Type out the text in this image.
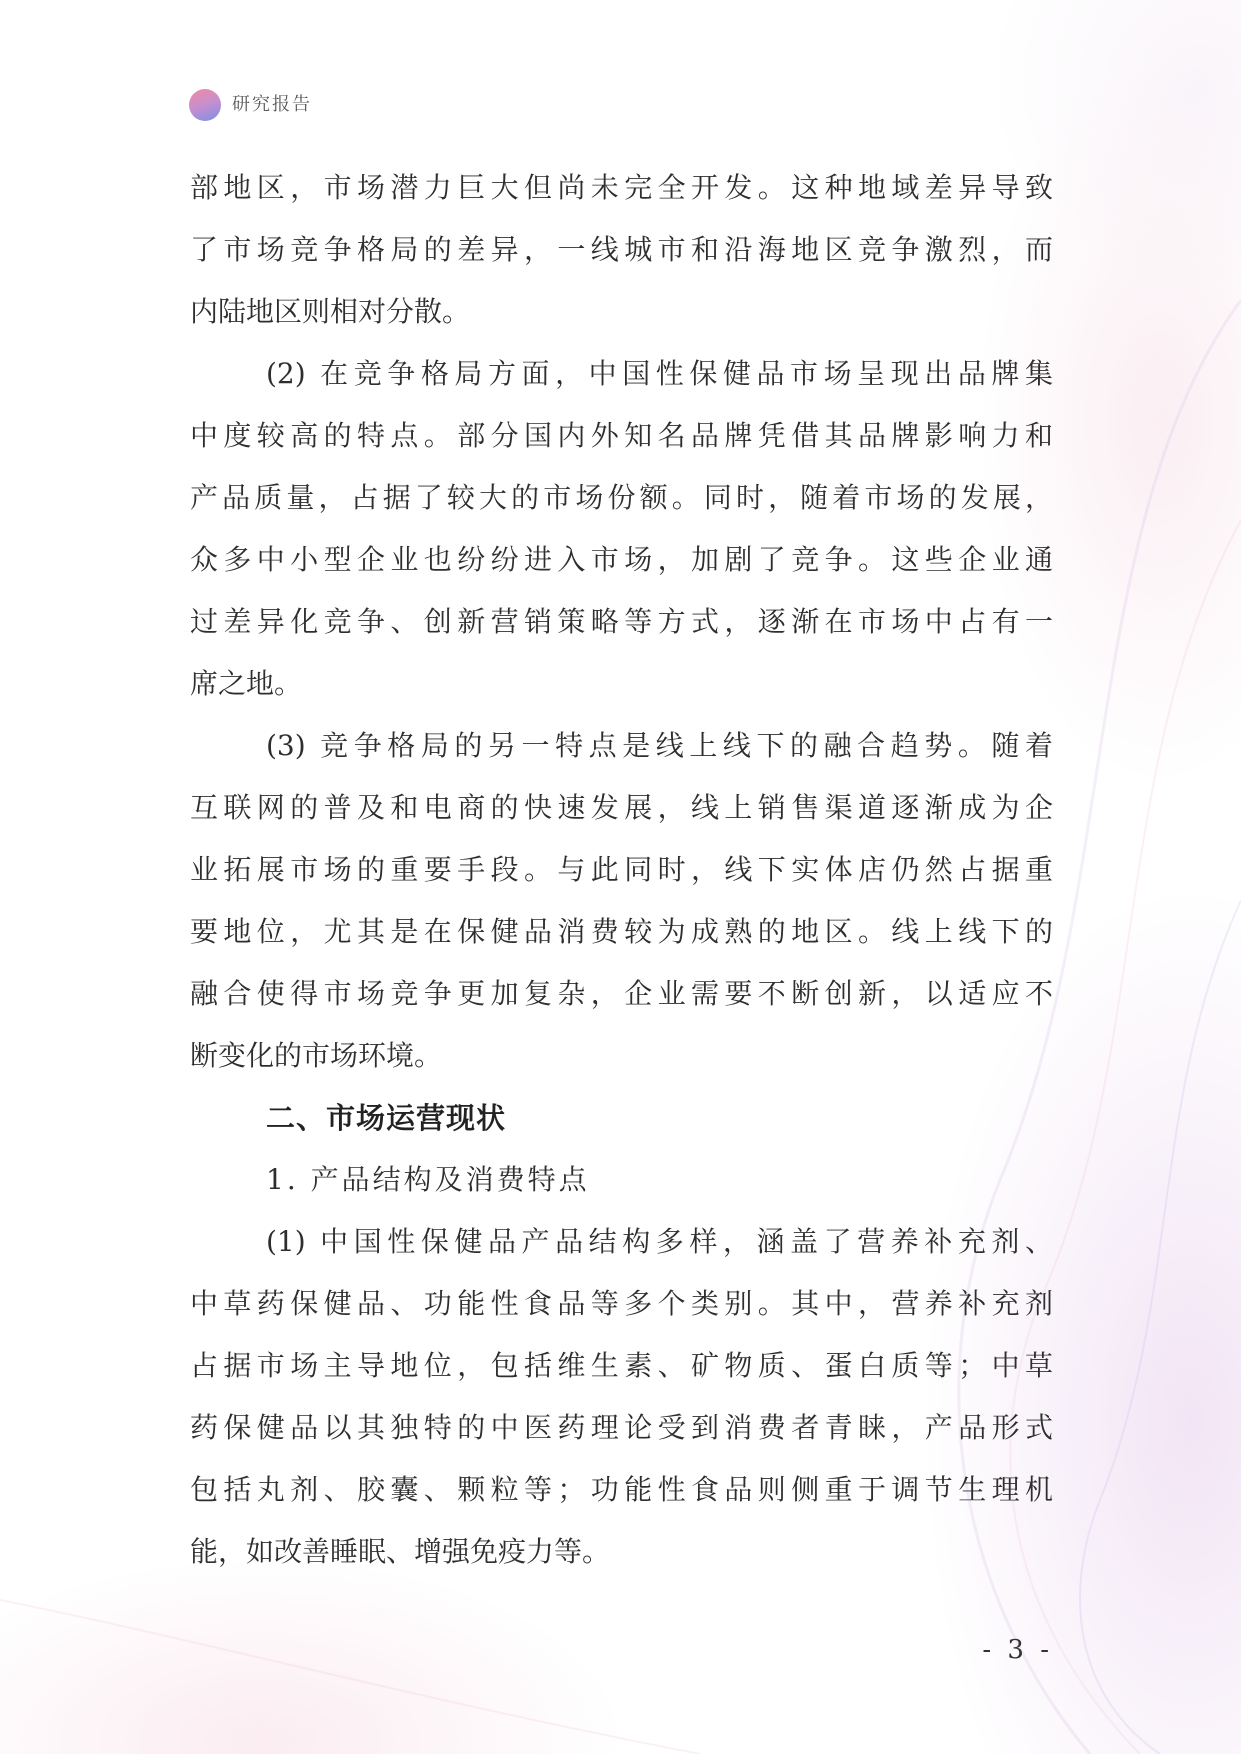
研究报告
部地区，市场潜力巨大但尚未完全开发。这种地域差异导致
了市场竞争格局的差异，一线城市和沿海地区竞争激烈，而
内陆地区则相对分散。
(2) 在竞争格局方面，中国性保健品市场呈现出品牌集
中度较高的特点。部分国内外知名品牌凭借其品牌影响力和
产品质量，占据了较大的市场份额。同时，随着市场的发展，
众多中小型企业也纷纷进入市场，加剧了竞争。这些企业通
过差异化竞争、创新营销策略等方式，逐渐在市场中占有一
席之地。
(3) 竞争格局的另一特点是线上线下的融合趋势。随着
互联网的普及和电商的快速发展，线上销售渠道逐渐成为企
业拓展市场的重要手段。与此同时，线下实体店仍然占据重
要地位，尤其是在保健品消费较为成熟的地区。线上线下的
融合使得市场竞争更加复杂，企业需要不断创新，以适应不
断变化的市场环境。
二、市场运营现状
1. 产品结构及消费特点
(1) 中国性保健品产品结构多样，涵盖了营养补充剂、
中草药保健品、功能性食品等多个类别。其中，营养补充剂
占据市场主导地位，包括维生素、矿物质、蛋白质等；中草
药保健品以其独特的中医药理论受到消费者青睐，产品形式
包括丸剂、胶囊、颗粒等；功能性食品则侧重于调节生理机
能，如改善睡眠、增强免疫力等。
- 3 -
